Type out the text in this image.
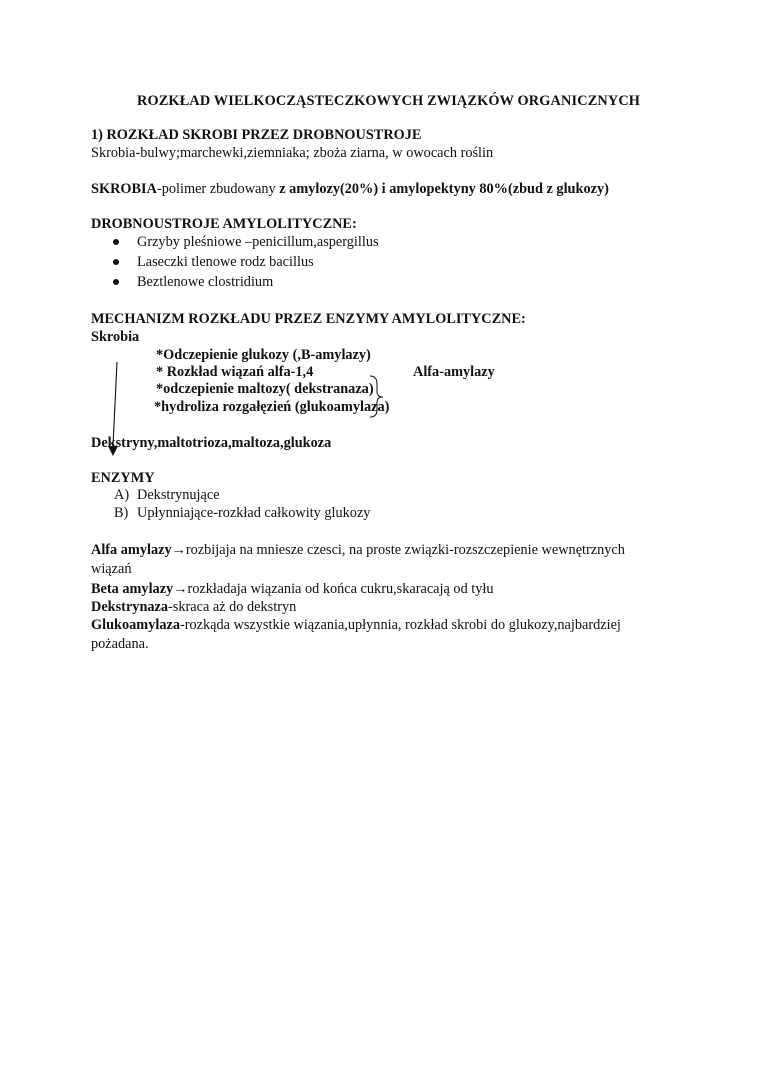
ROZKŁAD WIELKOCZĄSTECZKOWYCH ZWIĄZKÓW ORGANICZNYCH
1) ROZKŁAD SKROBI PRZEZ DROBNOUSTROJE
Skrobia-bulwy;marchewki,ziemniaka; zboża ziarna, w owocach roślin
SKROBIA-polimer zbudowany z amylozy(20%) i amylopektyny 80%(zbud z glukozy)
DROBNOUSTROJE AMYLOLITYCZNE:
Grzyby pleśniowe –penicillum,aspergillus
Laseczki tlenowe rodz bacillus
Beztlenowe clostridium
MECHANIZM ROZKŁADU PRZEZ ENZYMY AMYLOLITYCZNE:
Skrobia
*Odczepienie glukozy (,B-amylazy)
* Rozkład wiązań alfa-1,4	Alfa-amylazy
*odczepienie maltozy( dekstranaza)
*hydroliza rozgałęzień (glukoamylaza)
Dekstryny,maltotrioza,maltoza,glukoza
ENZYMY
A) Dekstrynujące
B) Upłynniające-rozkład całkowity glukozy
Alfa amylazy→rozbijaja na mniesze czesci, na proste związki-rozszczepienie wewnętrznych
wiązań
Beta amylazy→rozkładaja wiązania od końca cukru,skaracają od tyłu
Dekstrynaza-skraca aż do dekstryn
Glukoamylaza-rozkąda wszystkie wiązania,upłynnia, rozkład skrobi do glukozy,najbardziej
pożadana.
